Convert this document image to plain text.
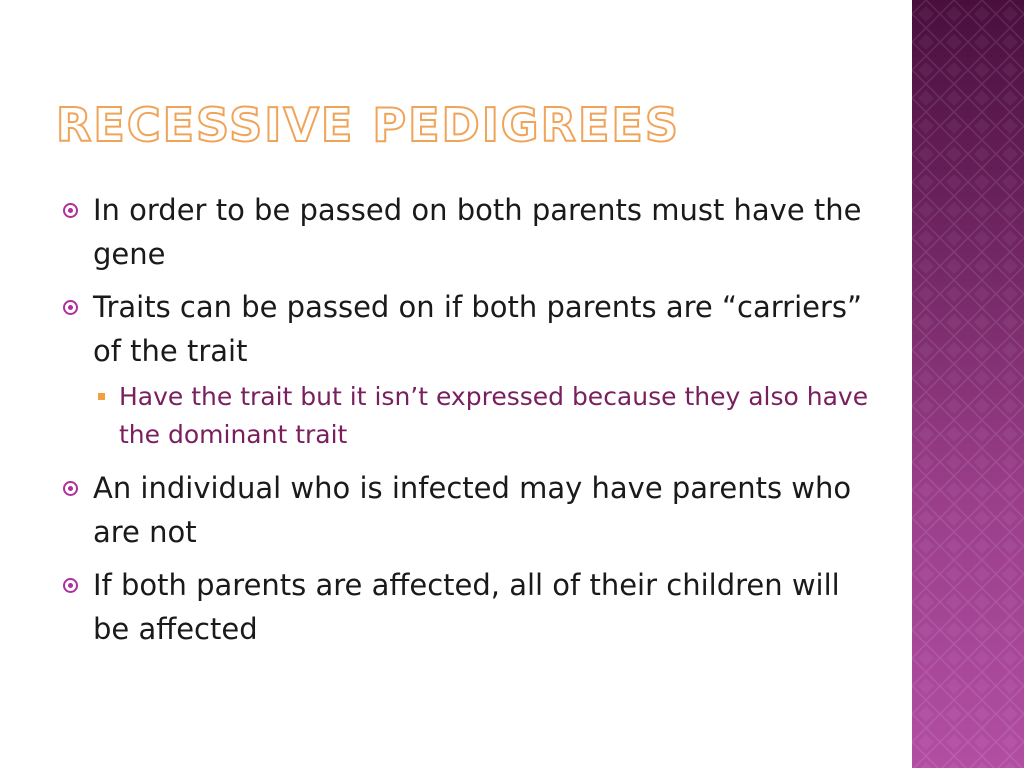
RECESSIVE PEDIGREES
In order to be passed on both parents must have the gene
Traits can be passed on if both parents are “carriers” of the trait
Have the trait but it isn’t expressed because they also have the dominant trait
An individual who is infected may have parents who are not
If both parents are affected, all of their children will be affected
